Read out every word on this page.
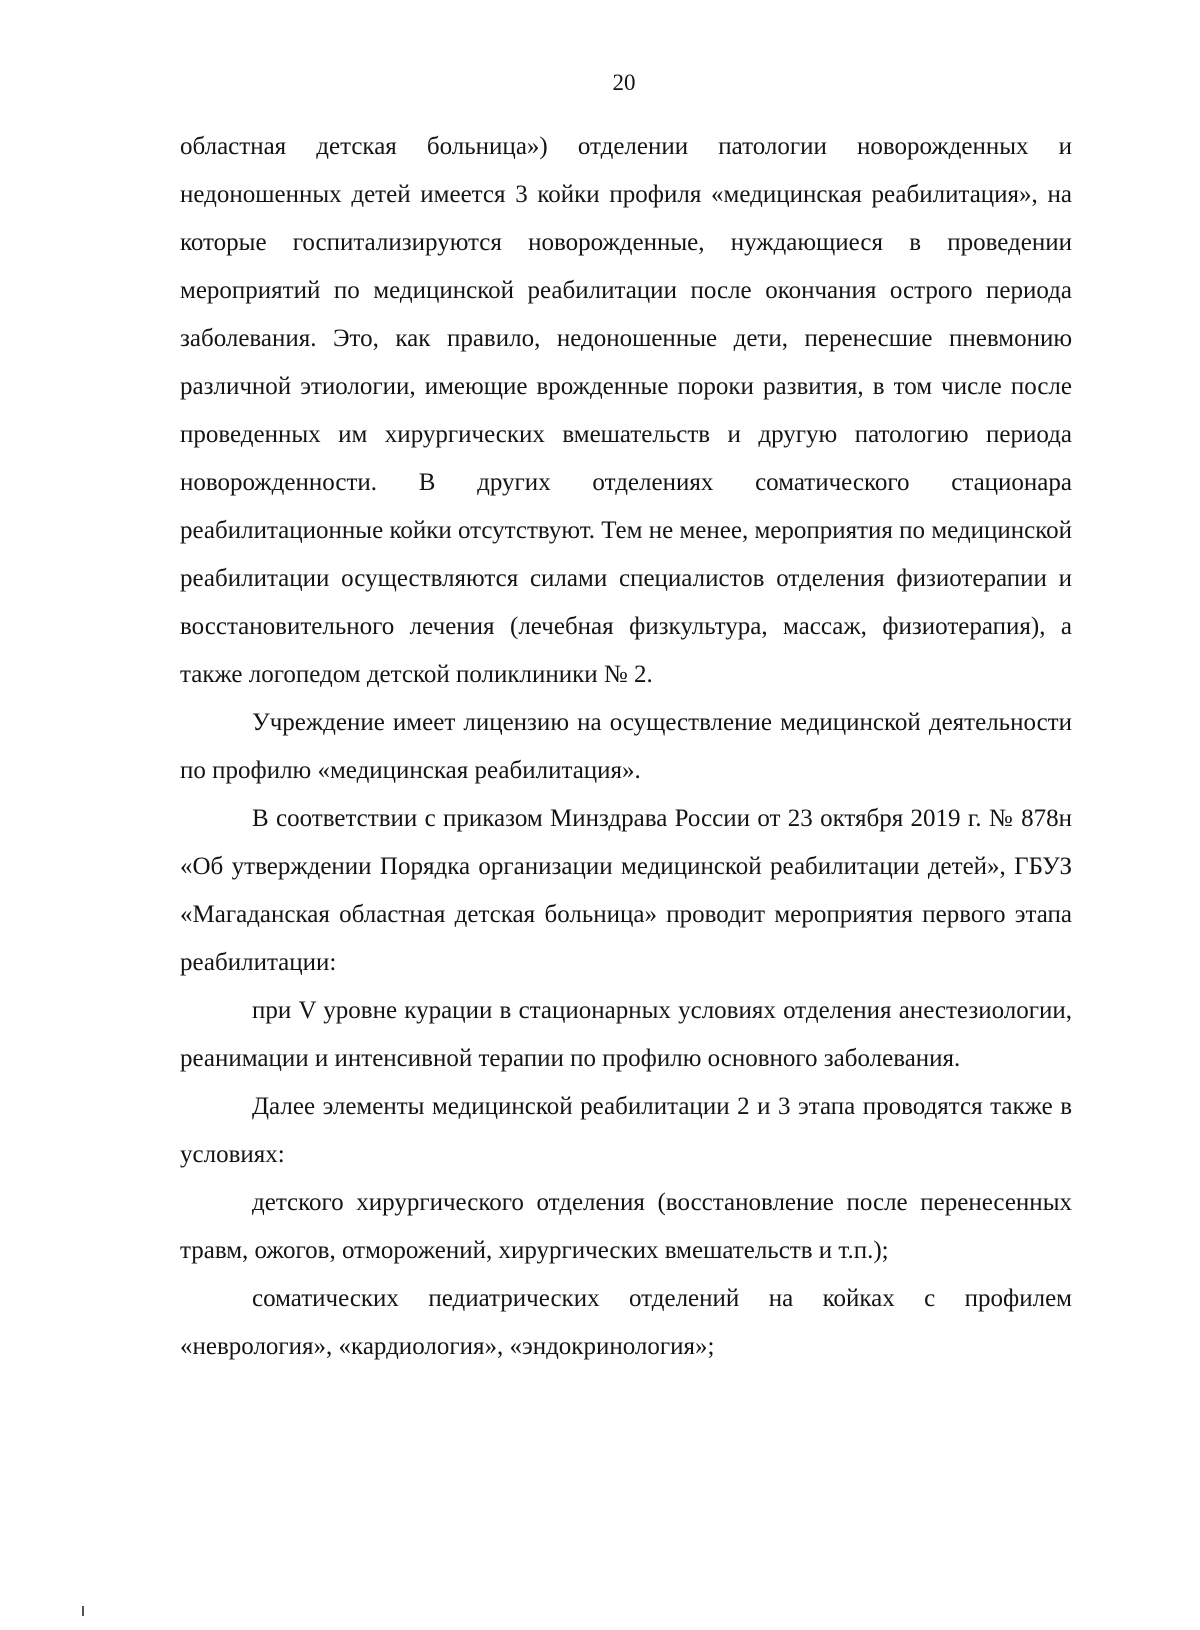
20

областная детская больница») отделении патологии новорожденных и недоношенных детей имеется 3 койки профиля «медицинская реабилитация», на которые госпитализируются новорожденные, нуждающиеся в проведении мероприятий по медицинской реабилитации после окончания острого периода заболевания. Это, как правило, недоношенные дети, перенесшие пневмонию различной этиологии, имеющие врожденные пороки развития, в том числе после проведенных им хирургических вмешательств и другую патологию периода новорожденности. В других отделениях соматического стационара реабилитационные койки отсутствуют. Тем не менее, мероприятия по медицинской реабилитации осуществляются силами специалистов отделения физиотерапии и восстановительного лечения (лечебная физкультура, массаж, физиотерапия), а также логопедом детской поликлиники № 2.

Учреждение имеет лицензию на осуществление медицинской деятельности по профилю «медицинская реабилитация».

В соответствии с приказом Минздрава России от 23 октября 2019 г. № 878н «Об утверждении Порядка организации медицинской реабилитации детей», ГБУЗ «Магаданская областная детская больница» проводит мероприятия первого этапа реабилитации:

при V уровне курации в стационарных условиях отделения анестезиологии, реанимации и интенсивной терапии по профилю основного заболевания.

Далее элементы медицинской реабилитации 2 и 3 этапа проводятся также в условиях:

детского хирургического отделения (восстановление после перенесенных травм, ожогов, отморожений, хирургических вмешательств и т.п.);

соматических педиатрических отделений на койках с профилем «неврология», «кардиология», «эндокринология»;
